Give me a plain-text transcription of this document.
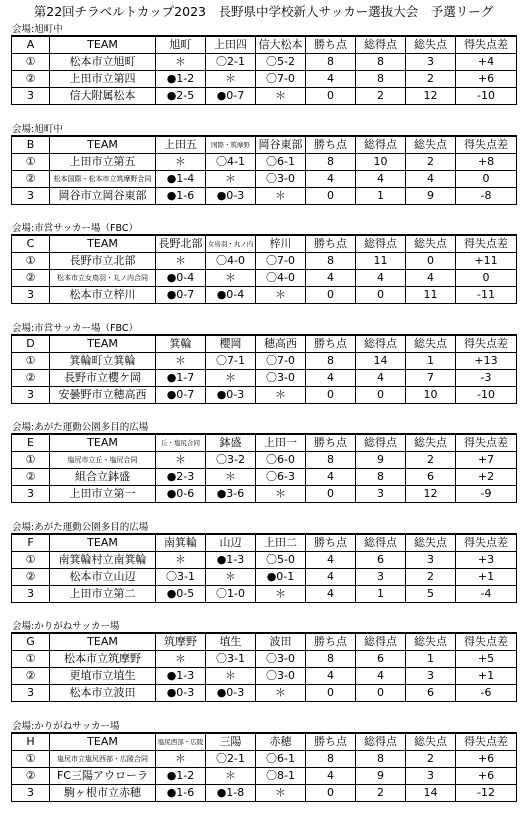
第22回チラベルトカップ2023　長野県中学校新人サッカー選抜大会　予選リーグ
会場:旭町中
A	TEAM	旭町	上田四	信大松本	勝ち点	総得点	総失点	得失点差
①	松本市立旭町	＊	〇2-1	〇5-2	8	8	3	+4
②	上田市立第四	●1-2	＊	〇7-0	4	8	2	+6
3	信大附属松本	●2-5	●0-7	＊	0	2	12	-10
会場:旭町中
B	TEAM	上田五	国際・筑摩野	岡谷東部	勝ち点	総得点	総失点	得失点差
①	上田市立第五	＊	〇4-1	〇6-1	8	10	2	+8
②	松本国際・松本市立筑摩野合同	●1-4	＊	〇3-0	4	4	4	0
3	岡谷市立岡谷東部	●1-6	●0-3	＊	0	1	9	-8
会場:市営サッカー場（FBC）
C	TEAM	長野北部	女鳥羽・丸ノ内	梓川	勝ち点	総得点	総失点	得失点差
①	長野市立北部	＊	〇4-0	〇7-0	8	11	0	+11
②	松本市立女鳥羽・丸ノ内合同	●0-4	＊	〇4-0	4	4	4	0
3	松本市立梓川	●0-7	●0-4	＊	0	0	11	-11
会場:市営サッカー場（FBC）
D	TEAM	箕輪	櫻岡	穂高西	勝ち点	総得点	総失点	得失点差
①	箕輪町立箕輪	＊	〇7-1	〇7-0	8	14	1	+13
②	長野市立櫻ケ岡	●1-7	＊	〇3-0	4	4	7	-3
3	安曇野市立穂高西	●0-7	●0-3	＊	0	0	10	-10
会場:あがた運動公園多目的広場
E	TEAM	丘・塩尻合同	鉢盛	上田一	勝ち点	総得点	総失点	得失点差
①	塩尻市立丘・塩尻合同	＊	〇3-2	〇6-0	8	9	2	+7
②	組合立鉢盛	●2-3	＊	〇6-3	4	8	6	+2
3	上田市立第一	●0-6	●3-6	＊	0	3	12	-9
会場:あがた運動公園多目的広場
F	TEAM	南箕輪	山辺	上田二	勝ち点	総得点	総失点	得失点差
①	南箕輪村立南箕輪	＊	●1-3	〇5-0	4	6	3	+3
②	松本市立山辺	〇3-1	＊	●0-1	4	3	2	+1
3	上田市立第二	●0-5	〇1-0	＊	4	1	5	-4
会場:かりがねサッカー場
G	TEAM	筑摩野	埴生	波田	勝ち点	総得点	総失点	得失点差
①	松本市立筑摩野	＊	〇3-1	〇3-0	8	6	1	+5
②	更埴市立埴生	●1-3	＊	〇3-0	4	4	3	+1
3	松本市立波田	●0-3	●0-3	＊	0	0	6	-6
会場:かりがねサッカー場
H	TEAM	塩尻西部・広陵	三陽	赤穂	勝ち点	総得点	総失点	得失点差
①	塩尻市立塩尻西部・広陵合同	＊	〇2-1	〇6-1	8	8	2	+6
②	FC三陽アウローラ	●1-2	＊	〇8-1	4	9	3	+6
3	駒ヶ根市立赤穂	●1-6	●1-8	＊	0	2	14	-12
